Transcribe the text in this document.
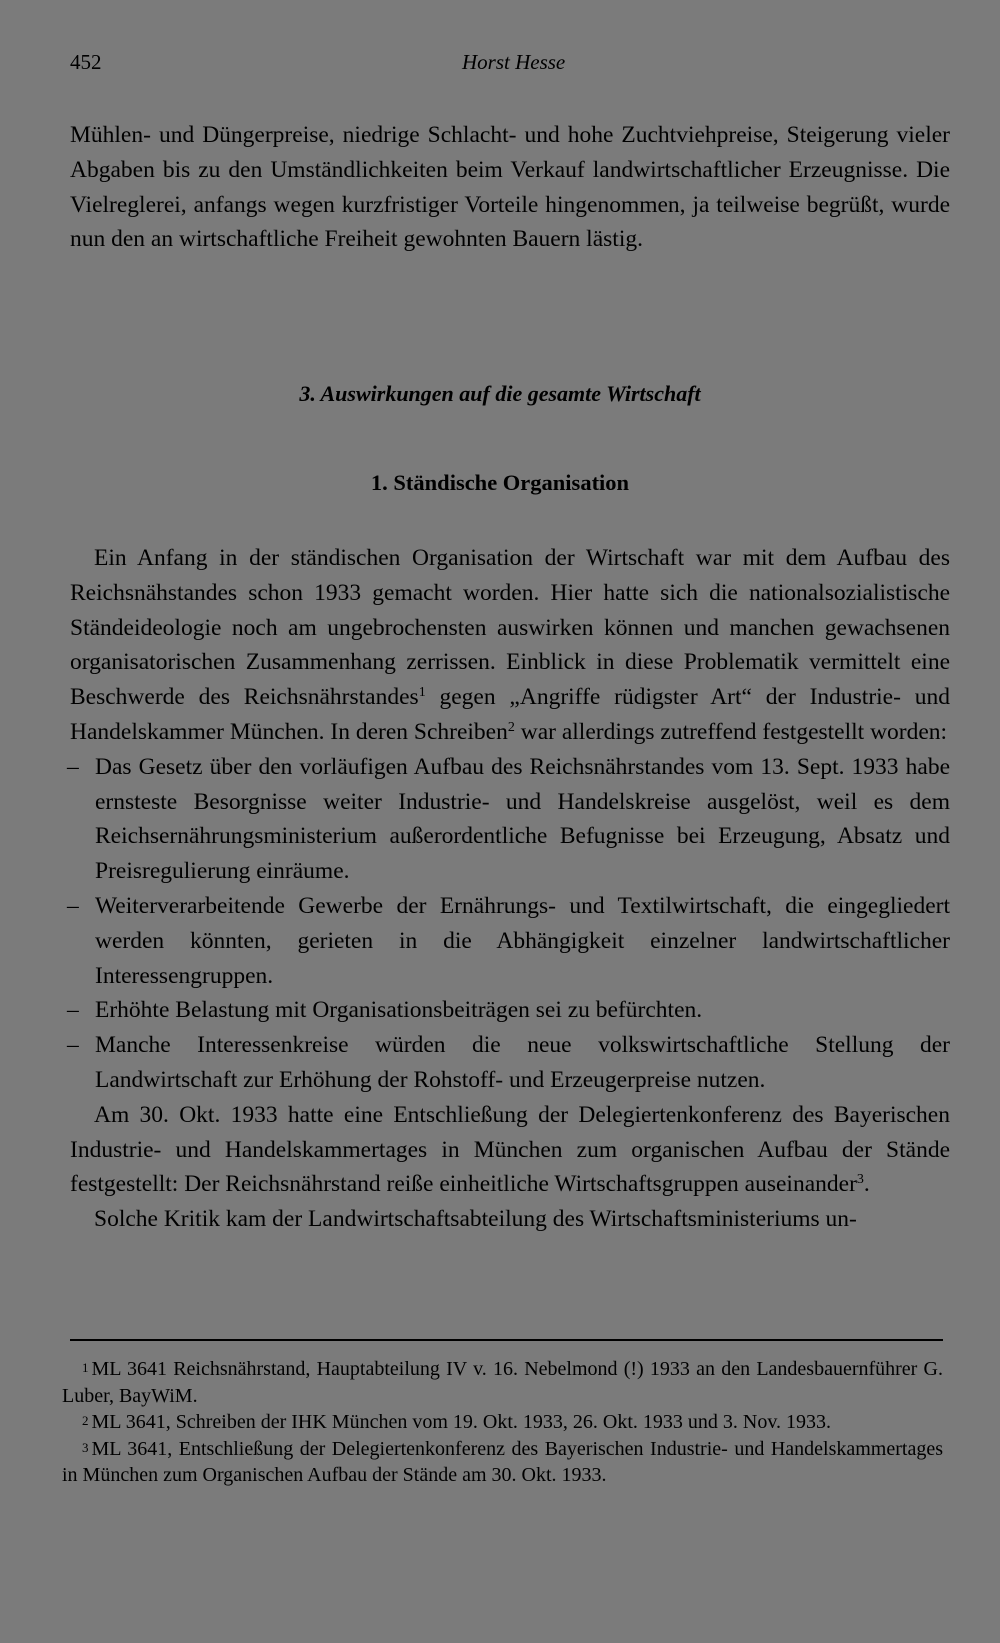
452	Horst Hesse

Mühlen- und Düngerpreise, niedrige Schlacht- und hohe Zuchtviehpreise, Steigerung vieler Abgaben bis zu den Umständlichkeiten beim Verkauf landwirtschaftlicher Erzeugnisse. Die Vielreglerei, anfangs wegen kurzfristiger Vorteile hingenommen, ja teilweise begrüßt, wurde nun den an wirtschaftliche Freiheit gewohnten Bauern lästig.

3. Auswirkungen auf die gesamte Wirtschaft
1. Ständische Organisation

Ein Anfang in der ständischen Organisation der Wirtschaft war mit dem Aufbau des Reichsnähstandes schon 1933 gemacht worden. Hier hatte sich die nationalsozialistische Ständeideologie noch am ungebrochensten auswirken können und manchen gewachsenen organisatorischen Zusammenhang zerrissen. Einblick in diese Problematik vermittelt eine Beschwerde des Reichsnährstandes$^1$ gegen „Angriffe rüdigster Art“ der Industrie- und Handelskammer München. In deren Schreiben$^2$ war allerdings zutreffend festgestellt worden:

– Das Gesetz über den vorläufigen Aufbau des Reichsnährstandes vom 13. Sept. 1933 habe ernsteste Besorgnisse weiter Industrie- und Handelskreise ausgelöst, weil es dem Reichsernährungsministerium außerordentliche Befugnisse bei Erzeugung, Absatz und Preisregulierung einräume.

– Weiterverarbeitende Gewerbe der Ernährungs- und Textilwirtschaft, die eingegliedert werden könnten, gerieten in die Abhängigkeit einzelner landwirtschaftlicher Interessengruppen.

– Erhöhte Belastung mit Organisationsbeiträgen sei zu befürchten.

– Manche Interessenkreise würden die neue volkswirtschaftliche Stellung der Landwirtschaft zur Erhöhung der Rohstoff- und Erzeugerpreise nutzen.

Am 30. Okt. 1933 hatte eine Entschließung der Delegiertenkonferenz des Bayerischen Industrie- und Handelskammertages in München zum organischen Aufbau der Stände festgestellt: Der Reichsnährstand reiße einheitliche Wirtschaftsgruppen auseinander$^3$.

Solche Kritik kam der Landwirtschaftsabteilung des Wirtschaftsministeriums un-

$^1$ ML 3641 Reichsnährstand, Hauptabteilung IV v. 16. Nebelmond (!) 1933 an den Landesbauernführer G. Luber, BayWiM.

$^2$ ML 3641, Schreiben der IHK München vom 19. Okt. 1933, 26. Okt. 1933 und 3. Nov. 1933.

$^3$ ML 3641, Entschließung der Delegiertenkonferenz des Bayerischen Industrie- und Handelskammertages in München zum Organischen Aufbau der Stände am 30. Okt. 1933.
